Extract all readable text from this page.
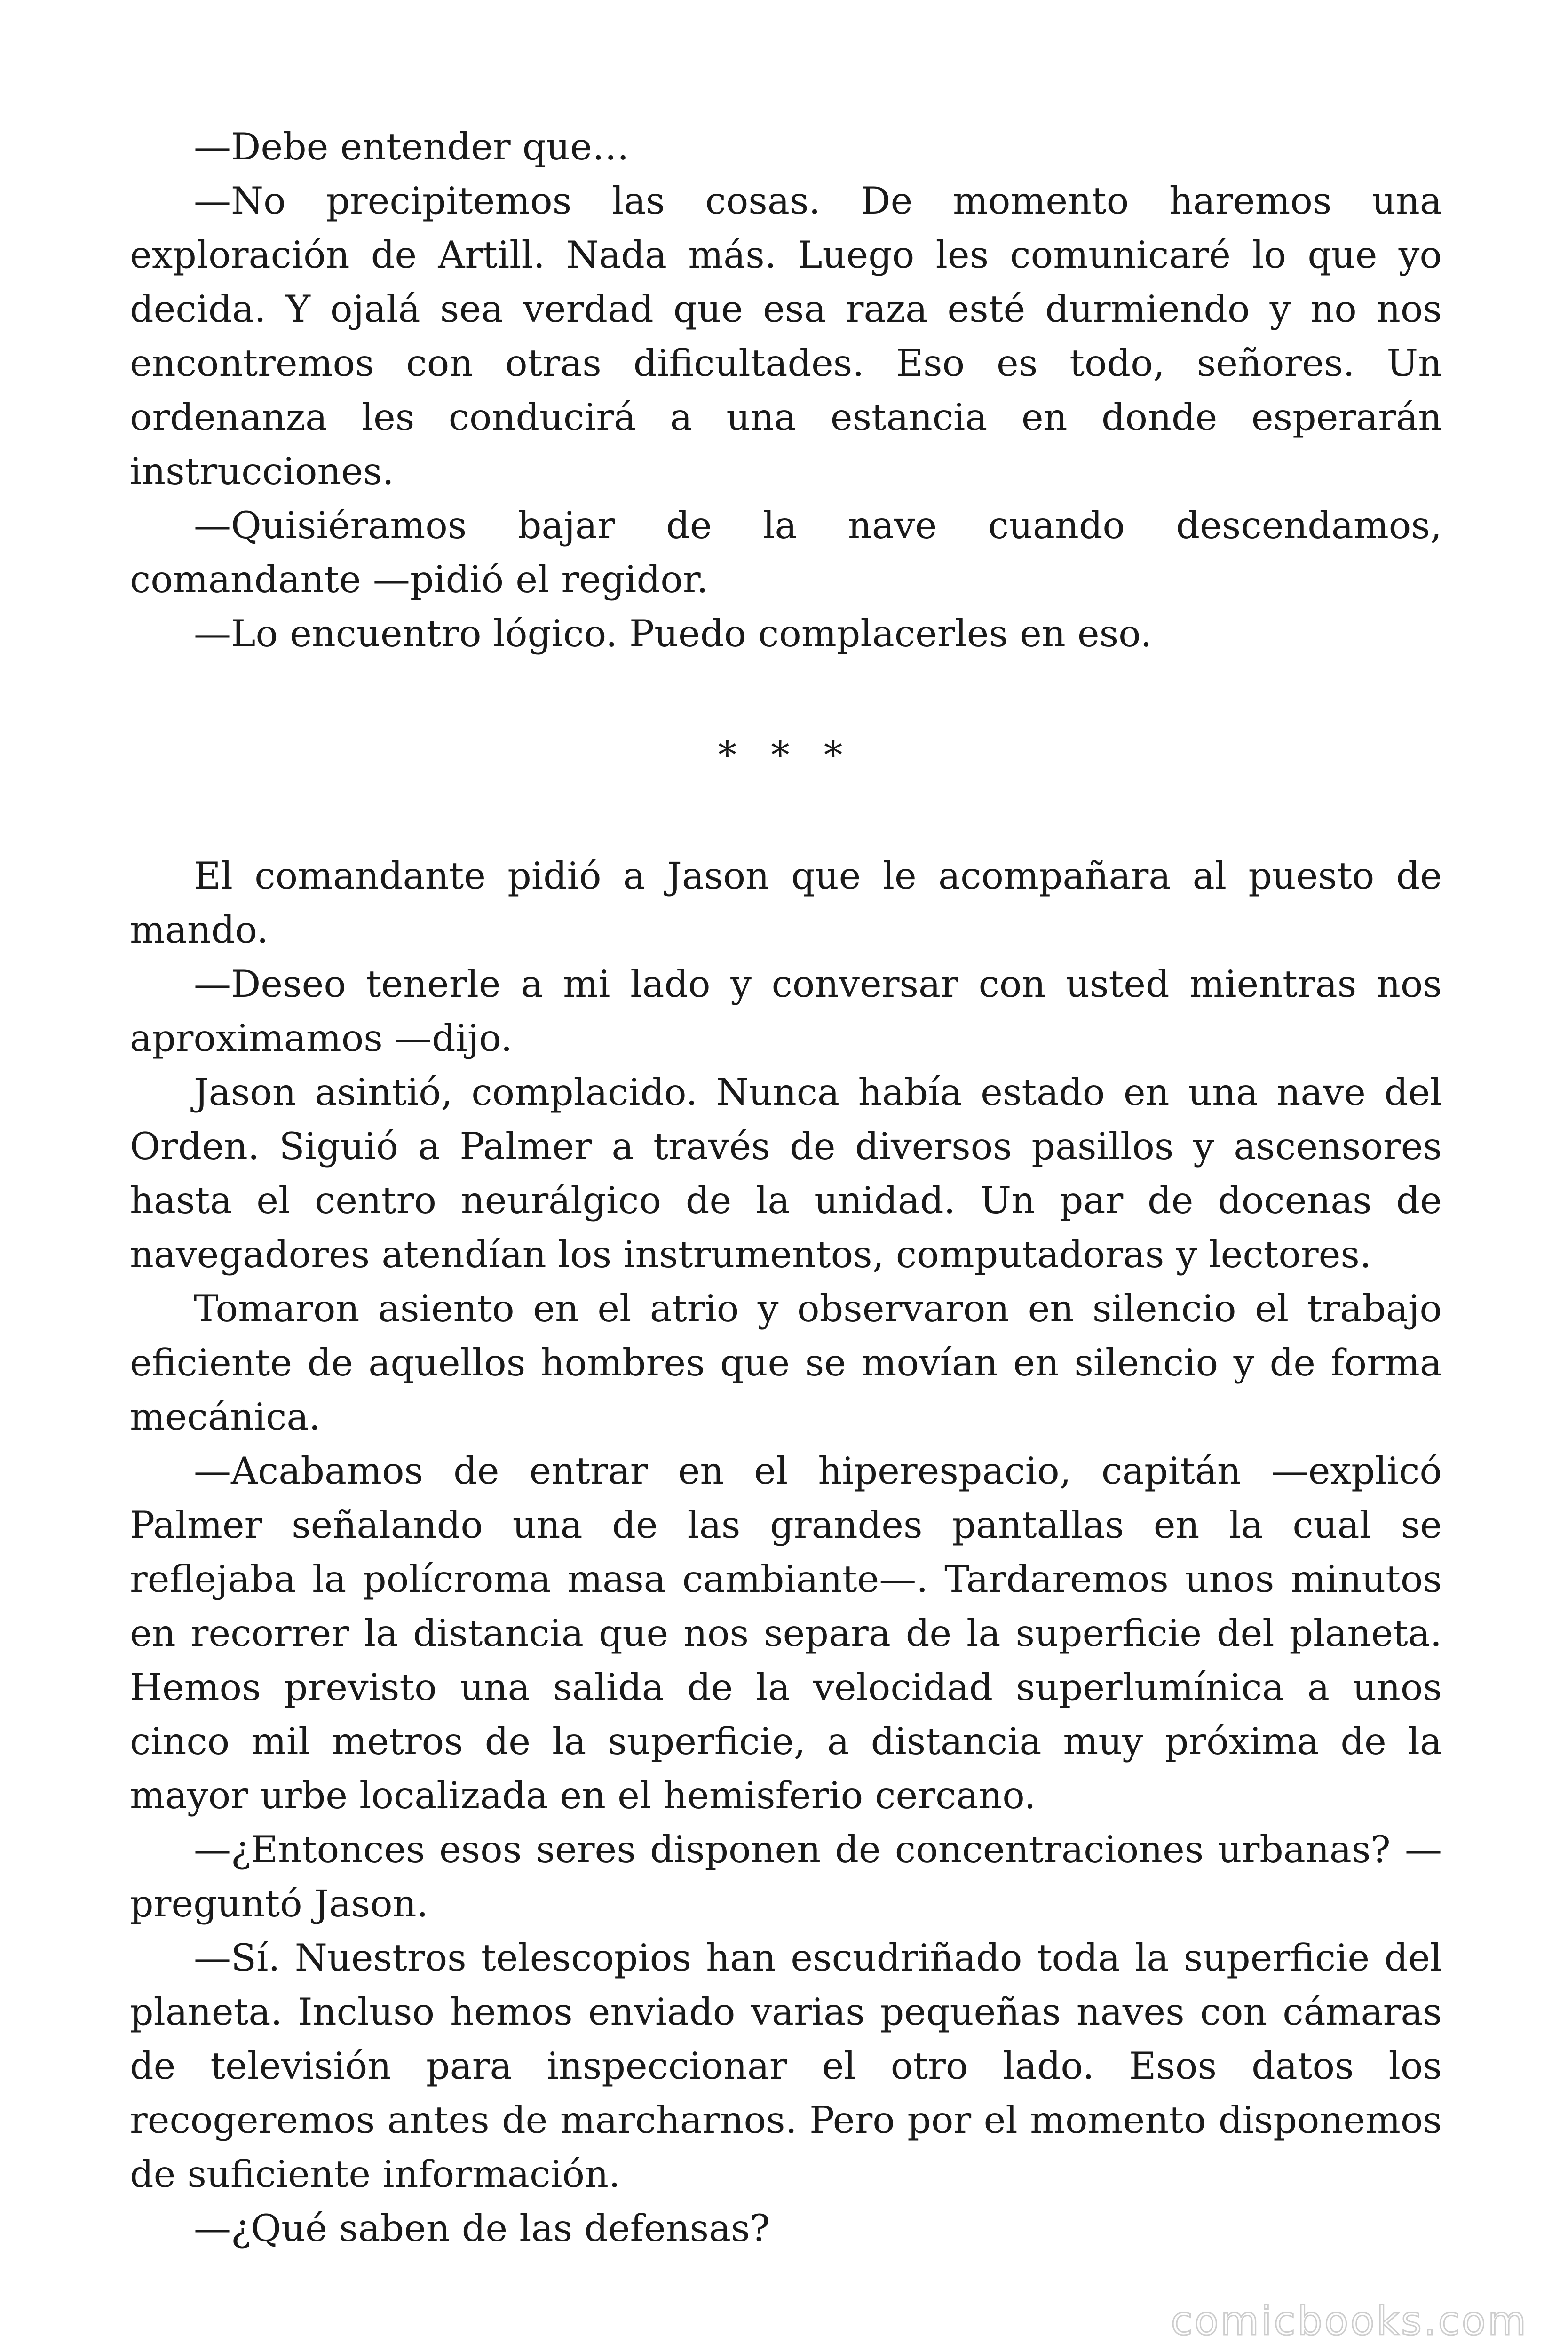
—Debe entender que…

—No precipitemos las cosas. De momento haremos una exploración de Artill. Nada más. Luego les comunicaré lo que yo decida. Y ojalá sea verdad que esa raza esté durmiendo y no nos encontremos con otras dificultades. Eso es todo, señores. Un ordenanza les conducirá a una estancia en donde esperarán instrucciones.

—Quisiéramos bajar de la nave cuando descendamos, comandante —pidió el regidor.

—Lo encuentro lógico. Puedo complacerles en eso.

* * *

El comandante pidió a Jason que le acompañara al puesto de mando.

—Deseo tenerle a mi lado y conversar con usted mientras nos aproximamos —dijo.

Jason asintió, complacido. Nunca había estado en una nave del Orden. Siguió a Palmer a través de diversos pasillos y ascensores hasta el centro neurálgico de la unidad. Un par de docenas de navegadores atendían los instrumentos, computadoras y lectores.

Tomaron asiento en el atrio y observaron en silencio el trabajo eficiente de aquellos hombres que se movían en silencio y de forma mecánica.

—Acabamos de entrar en el hiperespacio, capitán —explicó Palmer señalando una de las grandes pantallas en la cual se reflejaba la polícroma masa cambiante—. Tardaremos unos minutos en recorrer la distancia que nos separa de la superficie del planeta. Hemos previsto una salida de la velocidad superlumínica a unos cinco mil metros de la superficie, a distancia muy próxima de la mayor urbe localizada en el hemisferio cercano.

—¿Entonces esos seres disponen de concentraciones urbanas? —preguntó Jason.

—Sí. Nuestros telescopios han escudriñado toda la superficie del planeta. Incluso hemos enviado varias pequeñas naves con cámaras de televisión para inspeccionar el otro lado. Esos datos los recogeremos antes de marcharnos. Pero por el momento disponemos de suficiente información.

—¿Qué saben de las defensas?

comicbooks.com
